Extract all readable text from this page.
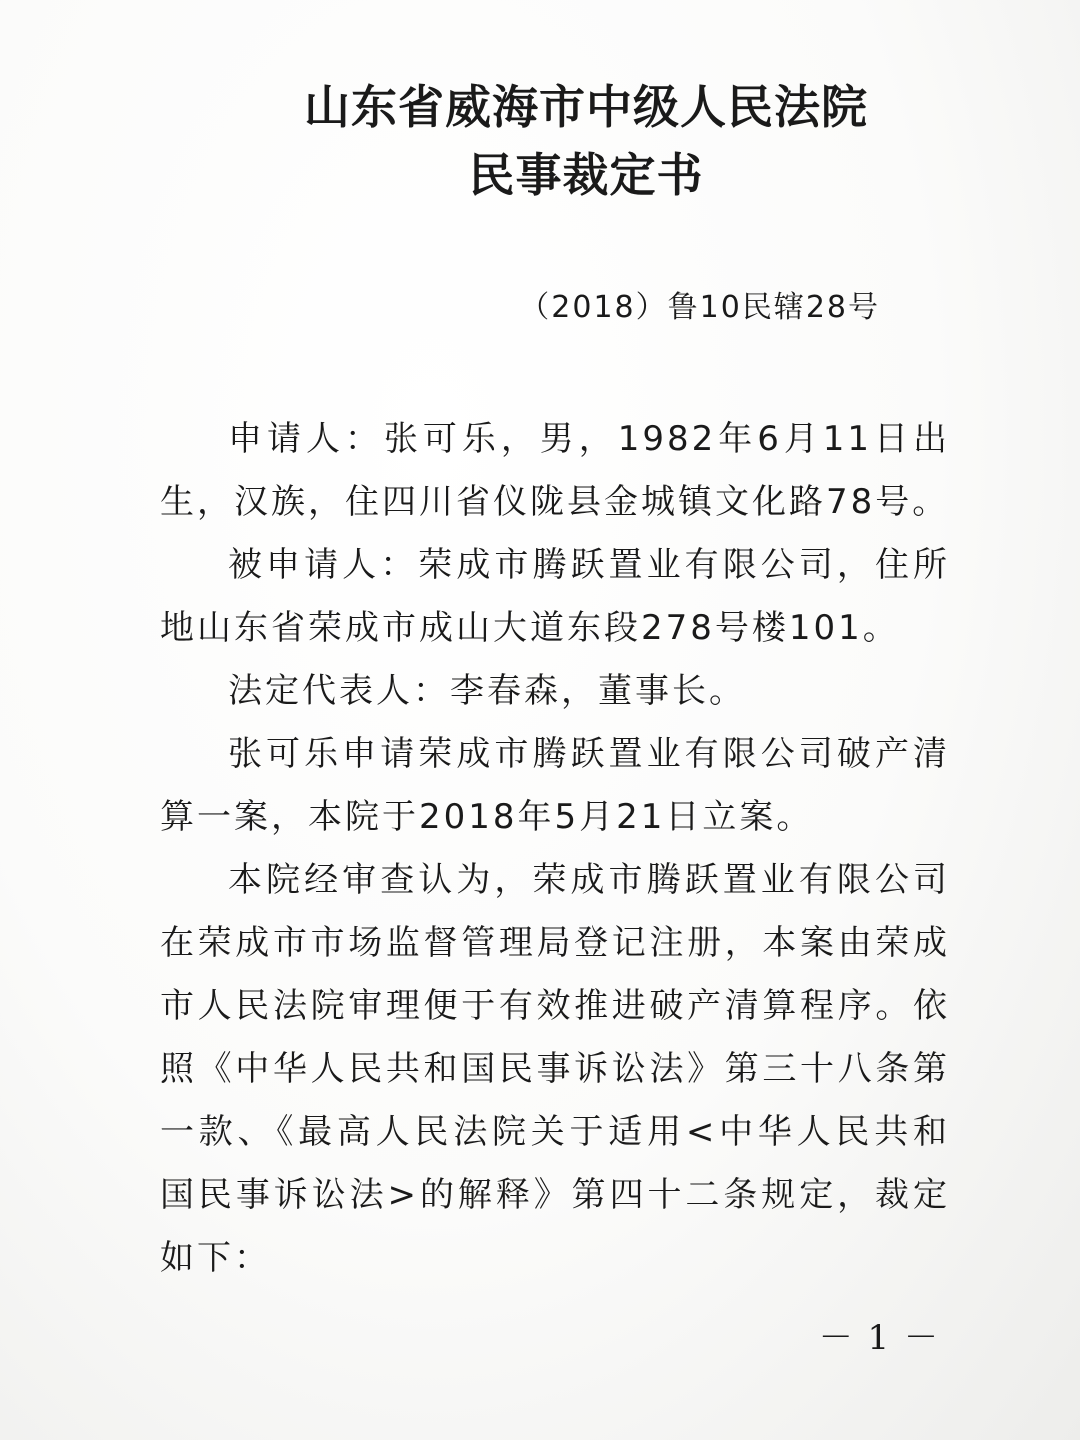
山东省威海市中级人民法院
民事裁定书

（2018）鲁10民辖28号

申请人：张可乐，男，1982年6月11日出生，汉族，住四川省仪陇县金城镇文化路78号。

被申请人：荣成市腾跃置业有限公司，住所地山东省荣成市成山大道东段278号楼101。

法定代表人：李春森，董事长。

张可乐申请荣成市腾跃置业有限公司破产清算一案，本院于2018年5月21日立案。

本院经审查认为，荣成市腾跃置业有限公司在荣成市市场监督管理局登记注册，本案由荣成市人民法院审理便于有效推进破产清算程序。依照《中华人民共和国民事诉讼法》第三十八条第一款、《最高人民法院关于适用<中华人民共和国民事诉讼法>的解释》第四十二条规定，裁定如下：

－ 1 －
